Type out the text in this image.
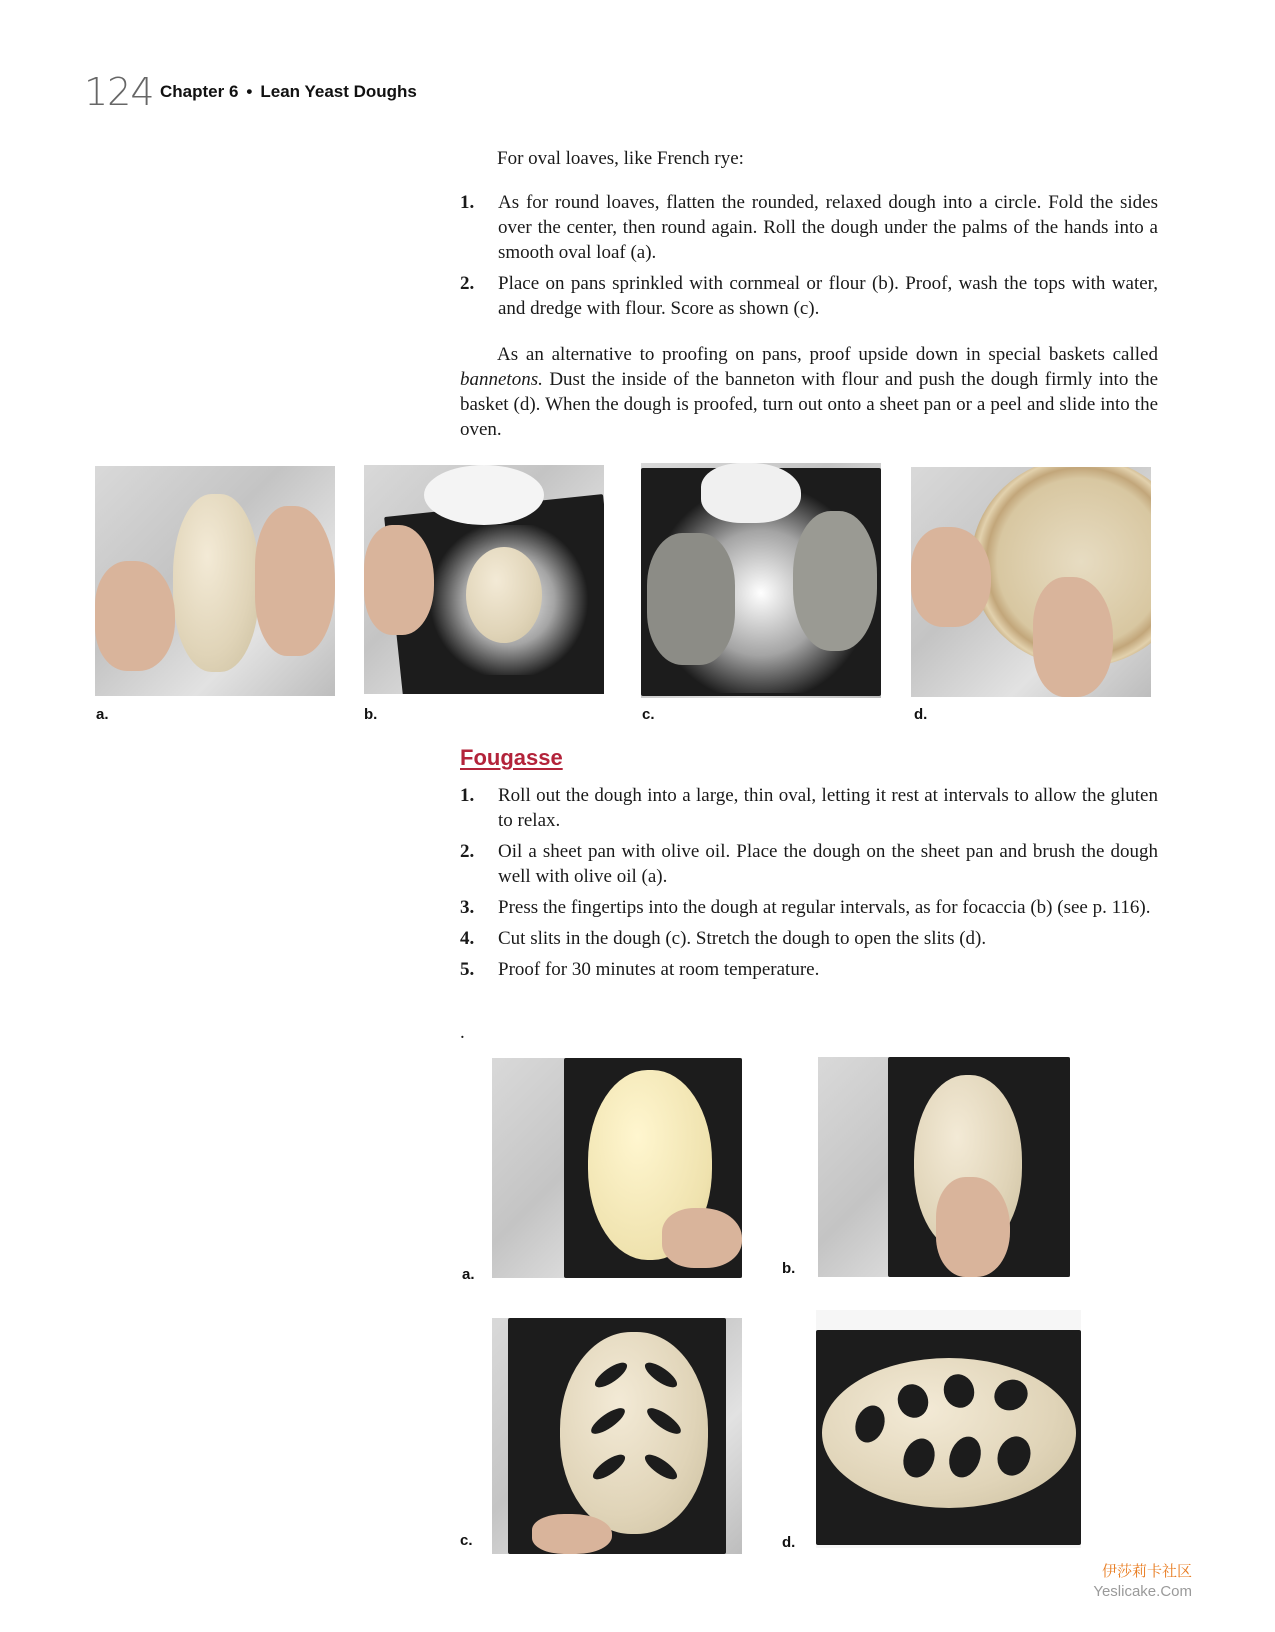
124 Chapter 6 • Lean Yeast Doughs
For oval loaves, like French rye:
1.	As for round loaves, flatten the rounded, relaxed dough into a circle. Fold the sides over the center, then round again. Roll the dough under the palms of the hands into a smooth oval loaf (a).
2.	Place on pans sprinkled with cornmeal or flour (b). Proof, wash the tops with water, and dredge with flour. Score as shown (c).
As an alternative to proofing on pans, proof upside down in special baskets called bannetons. Dust the inside of the banneton with flour and push the dough firmly into the basket (d). When the dough is proofed, turn out onto a sheet pan or a peel and slide into the oven.
a.	b.	c.	d.
Fougasse
1.	Roll out the dough into a large, thin oval, letting it rest at intervals to allow the gluten to relax.
2.	Oil a sheet pan with olive oil. Place the dough on the sheet pan and brush the dough well with olive oil (a).
3.	Press the fingertips into the dough at regular intervals, as for focaccia (b) (see p. 116).
4.	Cut slits in the dough (c). Stretch the dough to open the slits (d).
5.	Proof for 30 minutes at room temperature.
.
a.	b.
c.	d.
伊莎莉卡社区
Yeslicake.Com
